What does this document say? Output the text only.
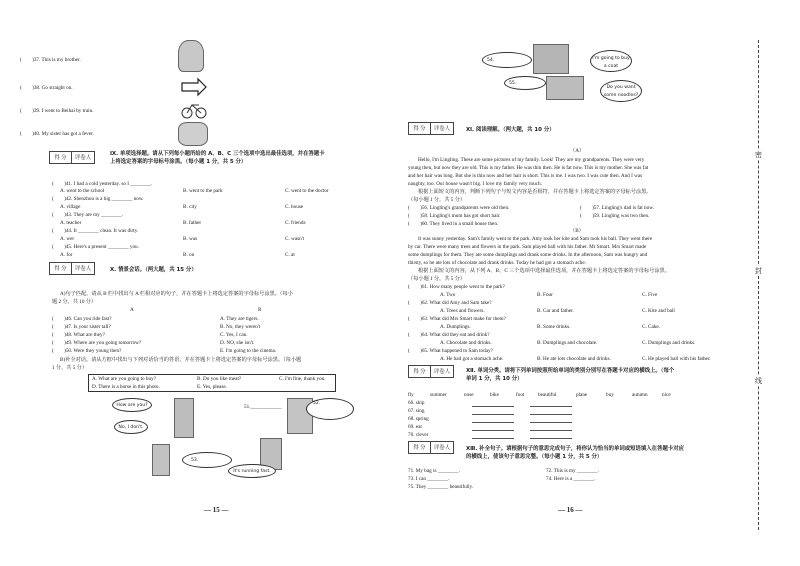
(　　)37. This is my brother.
(　　)38. Go straight on.
(　　)39. I went to Beihai by train.
(　　)40. My sister has got a fever.
得 分	评卷人
Ⅸ. 单项选择题。请从下列每小题所给的 A、B、C 三个选项中选出最佳选项，并在答题卡
上将选定答案的字母标号涂黑。（每小题 1 分，共 5 分）
(　　)41. I had a cold yesterday. so I ________.
A. went to the school	B. went to the park	C. went to the doctor
(　　)42. Shenzhou is a big ________ now.
A. village	B. city	C. house
(　　)43. They are my ________.
A. teacher	B. father	C. friends
(　　)44. It ________ clean. It was dirty.
A. wer	B. was	C. wasn't
(　　)45. Here's a present ________ you.
A. for	B. on	C. at
得 分	评卷人	Ⅹ. 情景会话。（两大题，共 15 分）
A)句子匹配。请从 B 栏中找出与 A 栏相对应的句子，并在答题卡上将选定答案的字母标号涂黑。（每小
题 2 分，共 10 分）
A	B
(　　)46. Can you ride fast?	A. They are tigers.
(　　)47. Is your sister tall?	B. No, they weren't
(　　)48. What are they?	C. Yes, I can.
(　　)49. Where are you going tomorrow?	D. NO, she isn't.
(　　)50. Were they young then?	E. I'm going to the cinema.
B)补全对话。请从方框中找出与下列对话恰当的答语，并在答题卡上将选定答案的字母标号涂黑。（每小题
1 分，共 5 分）
A. What are you going to buy?	B. Do you like meat?	C. I'm fine, thank you.
D. There is a horse in this photo.	E. Yes, please.
How are you?	51.____________
52.
No, I don't.
53.
It's running fast.
— 15 —
54.	I'm going to buy a coat
55.
Do you want some noodles?
得 分	评卷人	Ⅺ. 阅读理解。（两大题，共 10 分）
（A）
Hello, I'm Lingling. These are some pictures of my family. Look! They are my grandparents. They were very
young then, but now they are old. This is my father. He was thin then. He is fat now. This is my mother. She was fat
and her hair was long. But she is thin now and her hair is short. This is me. I was two. I was cute then. And I was
naughty, too. Our house wasn't big. I love my family very much.
根据上面短文的内容，判断下列句子与短文内容是否相符，并在答题卡上将选定答案的字母标号涂黑。
（每小题 1 分，共 5 分）
(　　)56. Lingling's grandparents were old then.	(　　)57. Lingling's dad is fat now.
(　　)58. Lingling's mum has got short hair.	(　　)59. Lingling was two then.
(　　)60. They lived in a small house then.
（B）
It was sunny yesterday. Sam's family went to the park. Amy took her kite and Sam took his ball. They went there
by car. There were many trees and flowers in the park. Sam played ball with his father. Mr Smart. Mrs Smart made
some dumplings for them. They ate some dumplings and drank some drinks. In the afternoon, Sam was hungry and
thirsty, so he ate lots of chocolate and drank drinks. Today he had got a stomach ache.
根据上面短文的内容，从下列 A、B、C 三个选项中选择最佳选项，并在答题卡上将选定答案的字母标号涂黑。
（每小题 1 分，共 5 分）
(　　)61. How many people went to the park?
A. Two	B. Four	C. Five
(　　)62. What did Amy and Sam take?
A. Trees and flowers.	B. Car and father.	C. Kite and ball
(　　)63. What did Mrs Smart make for them?
A. Dumplings.	B. Some drinks.	C. Cake.
(　　)64. What did they eat and drink?
A. Chocolate and drinks.	B. Dumplings and chocolate.	C. Dumplings and drinks.
(　　)65. What happened to Sam today?
A. He had got a stomach ache.	B. He ate lots chocolate and drinks.	C. He played ball with his father.
得 分	评卷人	Ⅻ. 单词分类。请将下列单词按照所给单词的类别分别写在答题卡对应的横线上。（每个
单词 1 分，共 10 分）
fly	summer	nose	bike	foot	beautiful	plane	buy	autumn	nice
66. ship
67. sing
68. spring
69. ear
70. clever
得 分	评卷人	ⅩⅢ. 补全句子。请根据句子的意思完成句子，将你认为恰当的单词或短语填入在答题卡对应
的横线上，使该句子意思完整。（每小题 1 分，共 5 分）
71. My bag is ________.	72. This is my ________.
73. I can ________.	74. Here is a ________.
75. They ________ beautifully.
— 16 —
密
封
线
